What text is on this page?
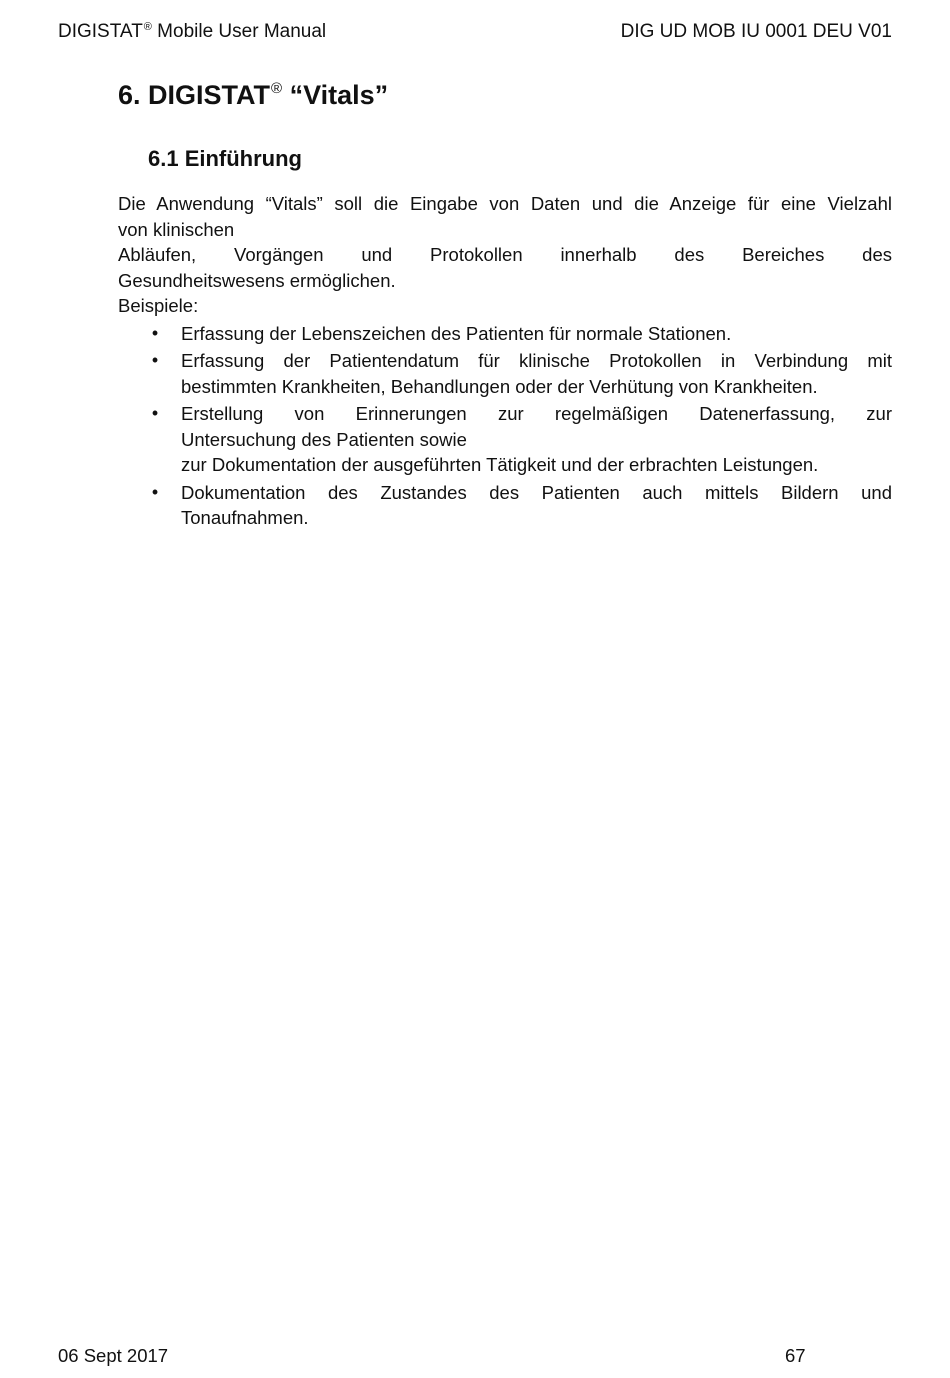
DIGISTAT® Mobile User Manual	DIG UD MOB IU 0001 DEU V01
6. DIGISTAT® “Vitals”
6.1 Einführung
Die Anwendung “Vitals” soll die Eingabe von Daten und die Anzeige für eine Vielzahl
von klinischen
Abläufen, Vorgängen und Protokollen innerhalb des Bereiches des
Gesundheitswesens ermöglichen.
Beispiele:
• Erfassung der Lebenszeichen des Patienten für normale Stationen.
• Erfassung der Patientendatum für klinische Protokollen in Verbindung mit
bestimmten Krankheiten, Behandlungen oder der Verhütung von Krankheiten.
• Erstellung von Erinnerungen zur regelmäßigen Datenerfassung, zur
Untersuchung des Patienten sowie
zur Dokumentation der ausgeführten Tätigkeit und der erbrachten Leistungen.
• Dokumentation des Zustandes des Patienten auch mittels Bildern und
Tonaufnahmen.
06 Sept 2017	67
